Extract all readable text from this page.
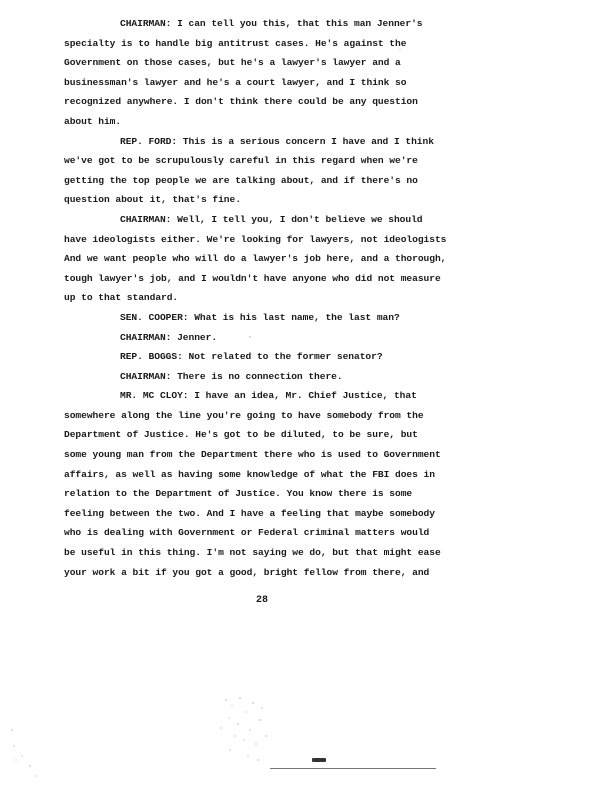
CHAIRMAN: I can tell you this, that this man Jenner's
specialty is to handle big antitrust cases. He's against the
Government on those cases, but he's a lawyer's lawyer and a
businessman's lawyer and he's a court lawyer, and I think so
recognized anywhere. I don't think there could be any question
about him.
REP. FORD: This is a serious concern I have and I think
we've got to be scrupulously careful in this regard when we're
getting the top people we are talking about, and if there's no
question about it, that's fine.
CHAIRMAN: Well, I tell you, I don't believe we should
have ideologists either. We're looking for lawyers, not ideologists
And we want people who will do a lawyer's job here, and a thorough,
tough lawyer's job, and I wouldn't have anyone who did not measure
up to that standard.
SEN. COOPER: What is his last name, the last man?
CHAIRMAN: Jenner.
REP. BOGGS: Not related to the former senator?
CHAIRMAN: There is no connection there.
MR. MC CLOY: I have an idea, Mr. Chief Justice, that
somewhere along the line you're going to have somebody from the
Department of Justice. He's got to be diluted, to be sure, but
some young man from the Department there who is used to Government
affairs, as well as having some knowledge of what the FBI does in
relation to the Department of Justice. You know there is some
feeling between the two. And I have a feeling that maybe somebody
who is dealing with Government or Federal criminal matters would
be useful in this thing. I'm not saying we do, but that might ease
your work a bit if you got a good, bright fellow from there, and
28
